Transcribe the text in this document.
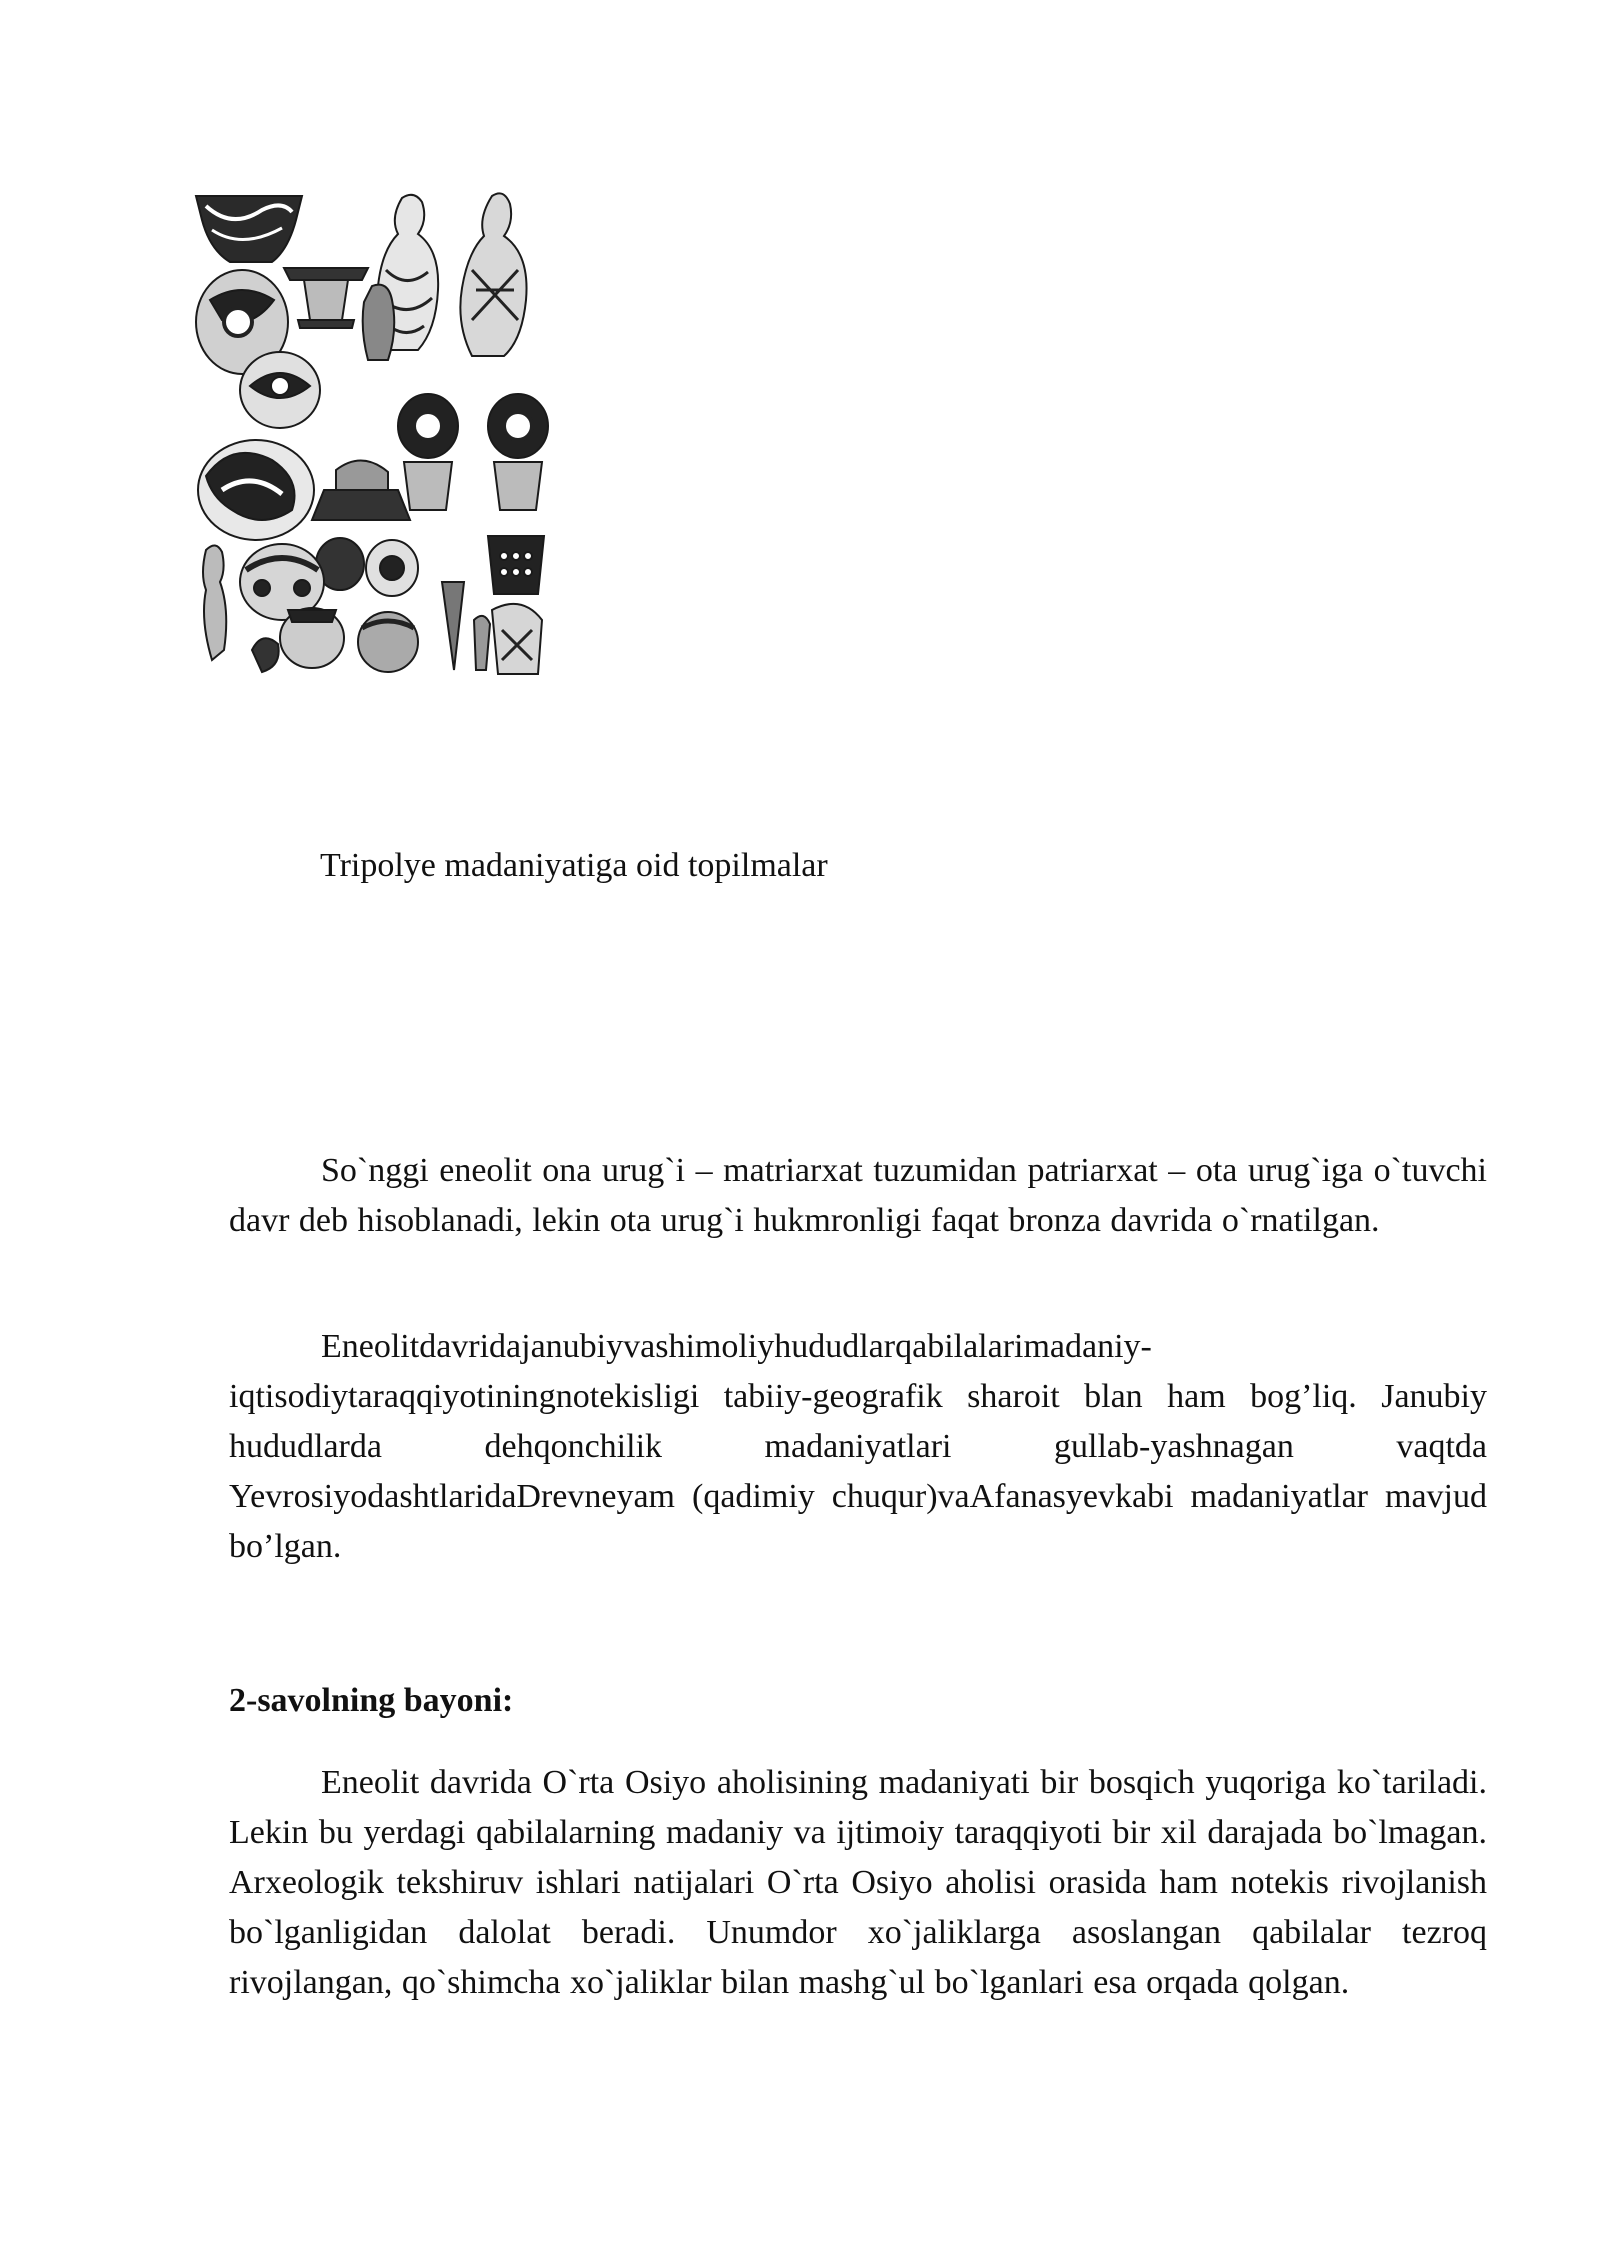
Tripolye madaniyatiga oid topilmalar

So`nggi eneolit ona urug`i – matriarxat tuzumidan patriarxat – ota urug`iga o`tuvchi davr deb hisoblanadi, lekin ota urug`i hukmronligi faqat bronza davrida o`rnatilgan.

Eneolitdavridajanubiyvashimoliyhududlarqabilalarimadaniy-iqtisodiytaraqqiyotiningnotekisligi tabiiy-geografik sharoit blan ham bog’liq. Janubiy hududlarda dehqonchilik madaniyatlari gullab-yashnagan vaqtda YevrosiyodashtlaridaDrevneyam (qadimiy chuqur)vaAfanasyevkabi madaniyatlar mavjud bo’lgan.

2-savolning bayoni:

Eneolit davrida O`rta Osiyo aholisining madaniyati bir bosqich yuqoriga ko`tariladi. Lekin bu yerdagi qabilalarning madaniy va ijtimoiy taraqqiyoti bir xil darajada bo`lmagan. Arxeologik tekshiruv ishlari natijalari O`rta Osiyo aholisi orasida ham notekis rivojlanish bo`lganligidan dalolat beradi. Unumdor xo`jaliklarga asoslangan qabilalar tezroq rivojlangan, qo`shimcha xo`jaliklar bilan mashg`ul bo`lganlari esa orqada qolgan.
